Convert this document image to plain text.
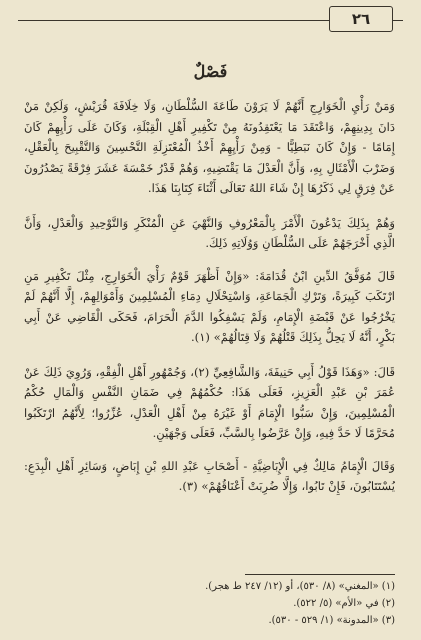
٢٦
فَصْلٌ

وَمَنْ رَأْيِ الْخَوَارِجِ أَنَّهُمْ لَا يَرَوْنَ طَاعَةَ السُّلْطَانِ، وَلَا خِلَافَةَ قُرَيْشٍ، وَلَكِنْ مَنْ دَانَ بِدِينِهِمْ، وَاعْتَقَدَ مَا يَعْتَقِدُونَهُ مِنْ تَكْفِيرِ أَهْلِ الْقِبْلَةِ، وَكَانَ عَلَى رَأْيِهِمْ كَانَ إِمَامًا - وَإِنْ كَانَ نَبَطِيًّا - وَمِنْ رَأْيِهِمْ أَخْذُ الْمُعْتَزِلَةِ التَّحْسِينَ وَالتَّقْبِيحَ بِالْعَقْلِ، وَضَرْبَ الْأَمْثَالِ بِهِ، وَأَنَّ الْعَدْلَ مَا يَقْتَضِيهِ، وَهُمْ قَدْرُ خَمْسَةَ عَشَرَ فِرْقَةً يَصْدُرُونَ عَنْ فِرَقٍ لِي ذَكَرُهَا إِنْ شَاءَ اللهُ تَعَالَى أَثْنَاءَ كِتَابِنَا هَذَا.

وَهُمْ بِذَلِكَ يَدْعُونَ الْأَمْرَ بِالْمَعْرُوفِ وَالنَّهْيَ عَنِ الْمُنْكَرِ وَالتَّوْحِيدِ وَالْعَدْلِ، وَأَنَّ الَّذِي أَخْرَجَهُمْ عَلَى السُّلْطَانِ وَوُلَاتِهِ ذَلِكَ.

قَالَ مُوَفَّقُ الدِّينِ ابْنُ قُدَامَةَ: «وَإِنْ أَظْهَرَ قَوْمٌ رَأْيَ الْخَوَارِجِ، مِثْلَ تَكْفِيرِ مَنِ ارْتَكَبَ كَبِيرَةً، وَتَرْكِ الْجَمَاعَةِ، وَاسْتِحْلَالِ دِمَاءِ الْمُسْلِمِينَ وَأَمْوَالِهِمْ، إِلَّا أَنَّهُمْ لَمْ يَخْرُجُوا عَنْ قَبْضَةِ الْإِمَامِ، وَلَمْ يَسْفِكُوا الدَّمَ الْحَرَامَ، فَحَكَى الْقَاضِي عَنْ أَبِي بَكْرٍ، أَنَّهُ لَا يَحِلُّ بِذَلِكَ قَتْلُهُمْ وَلَا قِتَالُهُمْ» (١).

قَالَ: «وَهَذَا قَوْلُ أَبِي حَنِيفَةَ، وَالشَّافِعِيِّ (٢)، وَجُمْهُورِ أَهْلِ الْفِقْهِ، وَرُوِيَ ذَلِكَ عَنْ عُمَرَ بْنِ عَبْدِ الْعَزِيزِ، فَعَلَى هَذَا: حُكْمُهُمْ فِي ضَمَانِ النَّفْسِ وَالْمَالِ حُكْمُ الْمُسْلِمِينَ، وَإِنْ سَبُّوا الْإِمَامَ أَوْ غَيْرَهُ مِنْ أَهْلِ الْعَدْلِ، عُزِّرُوا؛ لِأَنَّهُمُ ارْتَكَبُوا مُحَرَّمًا لَا حَدَّ فِيهِ، وَإِنْ عَرَّضُوا بِالسَّبِّ، فَعَلَى وَجْهَيْنِ.

وَقَالَ الْإِمَامُ مَالِكٌ فِي الْإِبَاضِيَّةِ - أَصْحَابِ عَبْدِ اللهِ بْنِ إِبَاضٍ، وَسَائِرِ أَهْلِ الْبِدَعِ: يُسْتَتَابُونَ، فَإِنْ تَابُوا، وَإِلَّا ضُرِبَتْ أَعْنَاقُهُمْ» (٣).

(١) «المغني» (٨/ ٥٣٠)، أو (١٢/ ٢٤٧ ط هجر).
(٢) في «الأم» (٥/ ٥٢٢).
(٣) «المدونة» (١/ ٥٢٩ - ٥٣٠).
